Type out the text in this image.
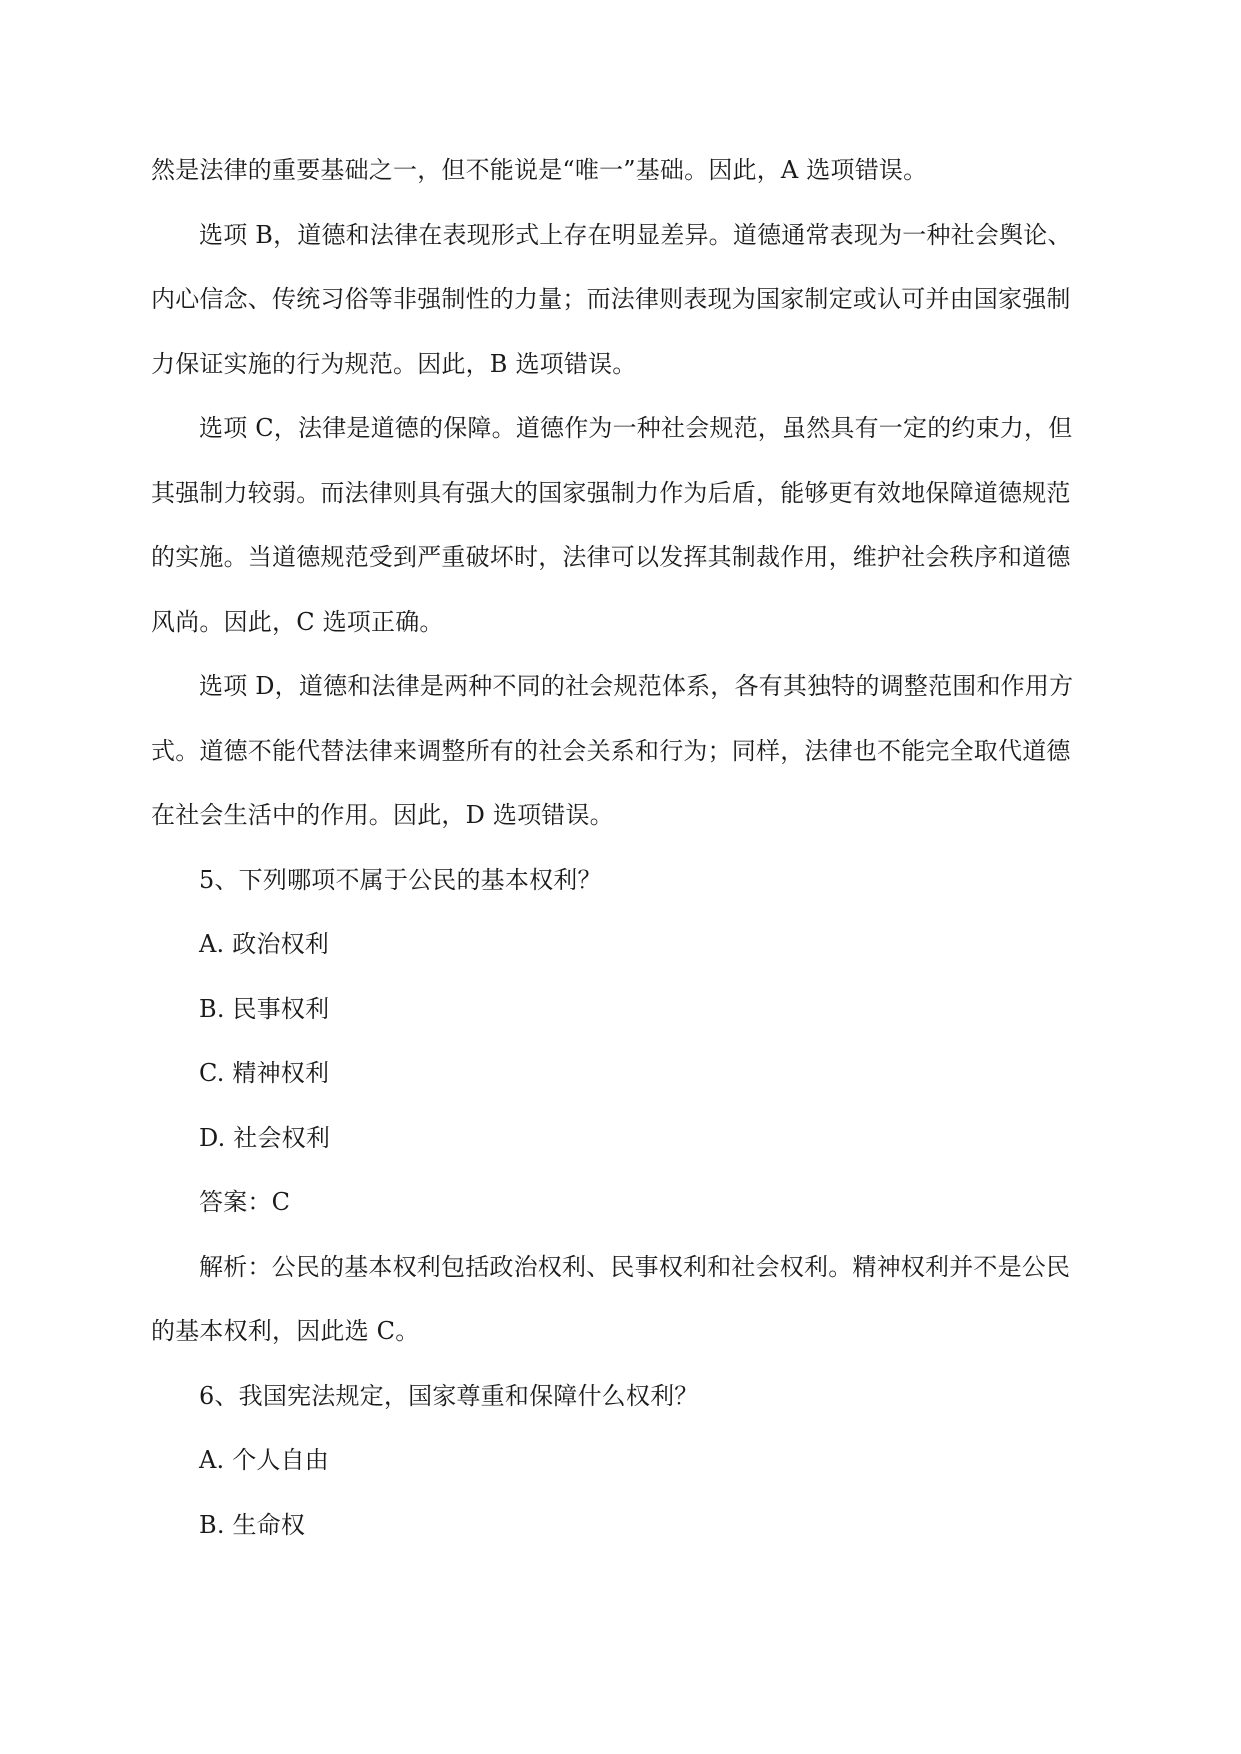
然是法律的重要基础之一，但不能说是“唯一”基础。因此，A 选项错误。
选项 B，道德和法律在表现形式上存在明显差异。道德通常表现为一种社会舆论、
内心信念、传统习俗等非强制性的力量；而法律则表现为国家制定或认可并由国家强制
力保证实施的行为规范。因此，B 选项错误。
选项 C，法律是道德的保障。道德作为一种社会规范，虽然具有一定的约束力，但
其强制力较弱。而法律则具有强大的国家强制力作为后盾，能够更有效地保障道德规范
的实施。当道德规范受到严重破坏时，法律可以发挥其制裁作用，维护社会秩序和道德
风尚。因此，C 选项正确。
选项 D，道德和法律是两种不同的社会规范体系，各有其独特的调整范围和作用方
式。道德不能代替法律来调整所有的社会关系和行为；同样，法律也不能完全取代道德
在社会生活中的作用。因此，D 选项错误。
5、下列哪项不属于公民的基本权利？
A. 政治权利
B. 民事权利
C. 精神权利
D. 社会权利
答案：C
解析：公民的基本权利包括政治权利、民事权利和社会权利。精神权利并不是公民
的基本权利，因此选 C。
6、我国宪法规定，国家尊重和保障什么权利？
A. 个人自由
B. 生命权
